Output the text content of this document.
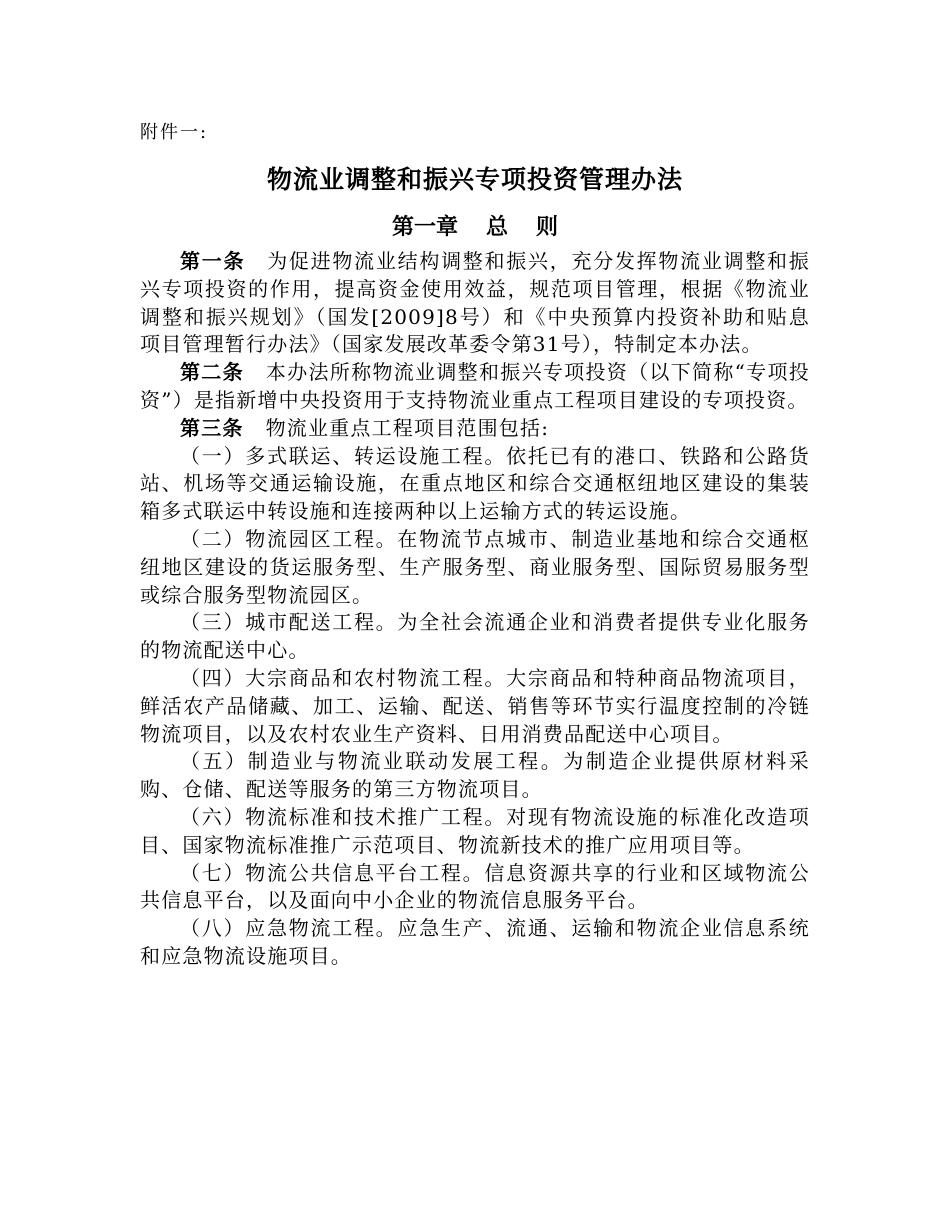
附件一:
物流业调整和振兴专项投资管理办法
第一章 总 则

第一条 为促进物流业结构调整和振兴，充分发挥物流业调整和振兴专项投资的作用，提高资金使用效益，规范项目管理，根据《物流业调整和振兴规划》（国发[2009]8号）和《中央预算内投资补助和贴息项目管理暂行办法》（国家发展改革委令第31号），特制定本办法。

第二条 本办法所称物流业调整和振兴专项投资（以下简称“专项投资”）是指新增中央投资用于支持物流业重点工程项目建设的专项投资。

第三条 物流业重点工程项目范围包括:

（一）多式联运、转运设施工程。依托已有的港口、铁路和公路货站、机场等交通运输设施，在重点地区和综合交通枢纽地区建设的集装箱多式联运中转设施和连接两种以上运输方式的转运设施。

（二）物流园区工程。在物流节点城市、制造业基地和综合交通枢纽地区建设的货运服务型、生产服务型、商业服务型、国际贸易服务型或综合服务型物流园区。

（三）城市配送工程。为全社会流通企业和消费者提供专业化服务的物流配送中心。

（四）大宗商品和农村物流工程。大宗商品和特种商品物流项目，鲜活农产品储藏、加工、运输、配送、销售等环节实行温度控制的冷链物流项目，以及农村农业生产资料、日用消费品配送中心项目。

（五）制造业与物流业联动发展工程。为制造企业提供原材料采购、仓储、配送等服务的第三方物流项目。

（六）物流标准和技术推广工程。对现有物流设施的标准化改造项目、国家物流标准推广示范项目、物流新技术的推广应用项目等。

（七）物流公共信息平台工程。信息资源共享的行业和区域物流公共信息平台，以及面向中小企业的物流信息服务平台。

（八）应急物流工程。应急生产、流通、运输和物流企业信息系统和应急物流设施项目。
